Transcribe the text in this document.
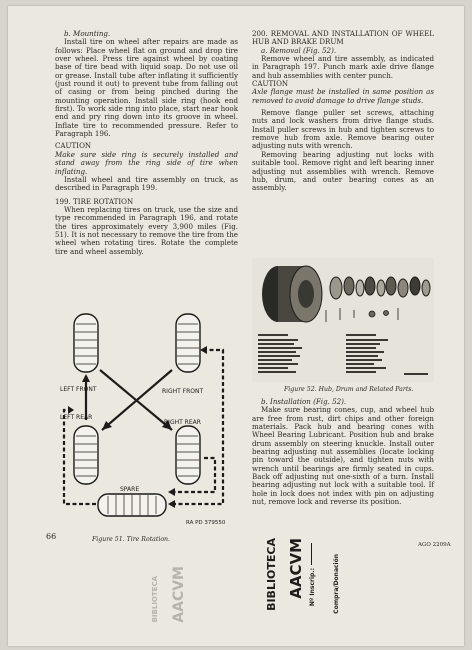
b. Mounting.

Install tire on wheel after repairs are made as follows: Place wheel flat on ground and drop tire over wheel. Press tire against wheel by coating base of tire bead with liquid soap. Do not use oil or grease. Install tube after inflating it sufficiently (just round it out) to prevent tube from falling out of casing or from being pinched during the mounting operation. Install side ring (hook end first). To work side ring into place, start near hook end and pry ring down into its groove in wheel. Inflate tire to recommended pressure. Refer to Paragraph 196.

CAUTION

Make sure side ring is securely installed and stand away from the ring side of tire when inflating.

Install wheel and tire assembly on truck, as described in Paragraph 199.

199. TIRE ROTATION

When replacing tires on truck, use the size and type recommended in Paragraph 196, and rotate the tires approximately every 3,900 miles (Fig. 51). It is not necessary to remove the tire from the wheel when rotating tires. Rotate the complete tire and wheel assembly.

LEFT FRONT	RIGHT FRONT
LEFT REAR
RIGHT REAR
SPARE
RA PD 379550
Figure 51. Tire Rotation.

200. REMOVAL AND INSTALLATION OF WHEEL HUB AND BRAKE DRUM

a. Removal (Fig. 52).

Remove wheel and tire assembly, as indicated in Paragraph 197. Punch mark axle drive flange and hub assemblies with center punch.

CAUTION

Axle flange must be installed in same position as removed to avoid damage to drive flange studs.

Remove flange puller set screws, attaching nuts and lock washers from drive flange studs. Install puller screws in hub and tighten screws to remove hub from axle. Remove bearing outer adjusting nuts with wrench.

Removing bearing adjusting nut locks with suitable tool. Remove right and left bearing inner adjusting nut assemblies with wrench. Remove hub, drum, and outer bearing cones as an assembly.

Figure 52. Hub, Drum and Related Parts.

b. Installation (Fig. 52).

Make sure bearing cones, cup, and wheel hub are free from rust, dirt chips and other foreign materials. Pack hub and bearing cones with Wheel Bearing Lubricant. Position hub and brake drum assembly on steering knuckle. Install outer bearing adjusting nut assemblies (locate locking pin toward the outside), and tighten nuts with wrench until bearings are firmly seated in cups. Back off adjusting nut one-sixth of a turn. Install bearing adjusting nut lock with a suitable tool. If hole in lock does not index with pin on adjusting nut, remove lock and reverse its position.

66
AGO 2209A
BIBLIOTECA AACVM Nº Inscrip.:	Compra/Donación
AACVM
BIBLIOTECA
